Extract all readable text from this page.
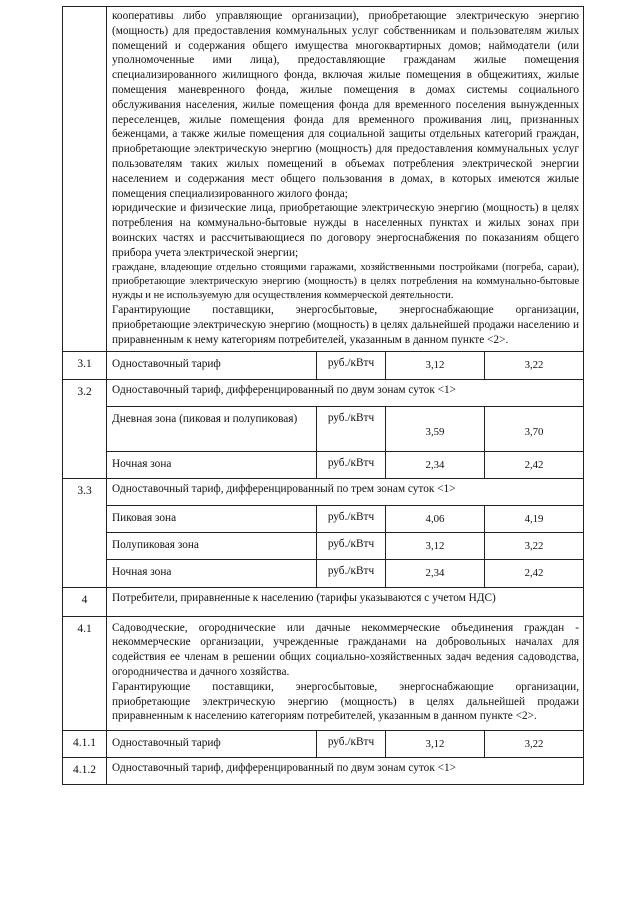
	кооперативы либо управляющие организации), приобретающие электрическую энергию (мощность) для предоставления коммунальных услуг собственникам и пользователям жилых помещений и содержания общего имущества многоквартирных домов; наймодатели (или уполномоченные ими лица), предоставляющие гражданам жилые помещения специализированного жилищного фонда, включая жилые помещения в общежитиях, жилые помещения маневренного фонда, жилые помещения в домах системы социального обслуживания населения, жилые помещения фонда для временного поселения вынужденных переселенцев, жилые помещения фонда для временного проживания лиц, признанных беженцами, а также жилые помещения для социальной защиты отдельных категорий граждан, приобретающие электрическую энергию (мощность) для предоставления коммунальных услуг пользователям таких жилых помещений в объемах потребления электрической энергии населением и содержания мест общего пользования в домах, в которых имеются жилые помещения специализированного жилого фонда;

юридические и физические лица, приобретающие электрическую энергию (мощность) в целях потребления на коммунально-бытовые нужды в населенных пунктах и жилых зонах при воинских частях и рассчитывающиеся по договору энергоснабжения по показаниям общего прибора учета электрической энергии;

граждане, владеющие отдельно стоящими гаражами, хозяйственными постройками (погреба, сараи), приобретающие электрическую энергию (мощность) в целях потребления на коммунально-бытовые нужды и не используемую для осуществления коммерческой деятельности.

Гарантирующие поставщики, энергосбытовые, энергоснабжающие организации, приобретающие электрическую энергию (мощность) в целях дальнейшей продажи населению и приравненным к нему категориям потребителей, указанным в данном пункте <2>.			

3.1	Одноставочный тариф	руб./кВтч	3,12	3,22
3.2	Одноставочный тариф, дифференцированный по двум зонам суток <1>			
	Дневная зона (пиковая и полупиковая)	руб./кВтч	3,59	3,70
	Ночная зона	руб./кВтч	2,34	2,42
3.3	Одноставочный тариф, дифференцированный по трем зонам суток <1>			
	Пиковая зона	руб./кВтч	4,06	4,19
	Полупиковая зона	руб./кВтч	3,12	3,22
	Ночная зона	руб./кВтч	2,34	2,42
4	Потребители, приравненные к населению (тарифы указываются с учетом НДС)			
4.1	Садоводческие, огороднические или дачные некоммерческие объединения граждан - некоммерческие организации, учрежденные гражданами на добровольных началах для содействия ее членам в решении общих социально-хозяйственных задач ведения садоводства, огородничества и дачного хозяйства.

Гарантирующие поставщики, энергосбытовые, энергоснабжающие организации, приобретающие электрическую энергию (мощность) в целях дальнейшей продажи приравненным к населению категориям потребителей, указанным в данном пункте <2>.			

4.1.1	Одноставочный тариф	руб./кВтч	3,12	3,22
4.1.2	Одноставочный тариф, дифференцированный по двум зонам суток <1>			
